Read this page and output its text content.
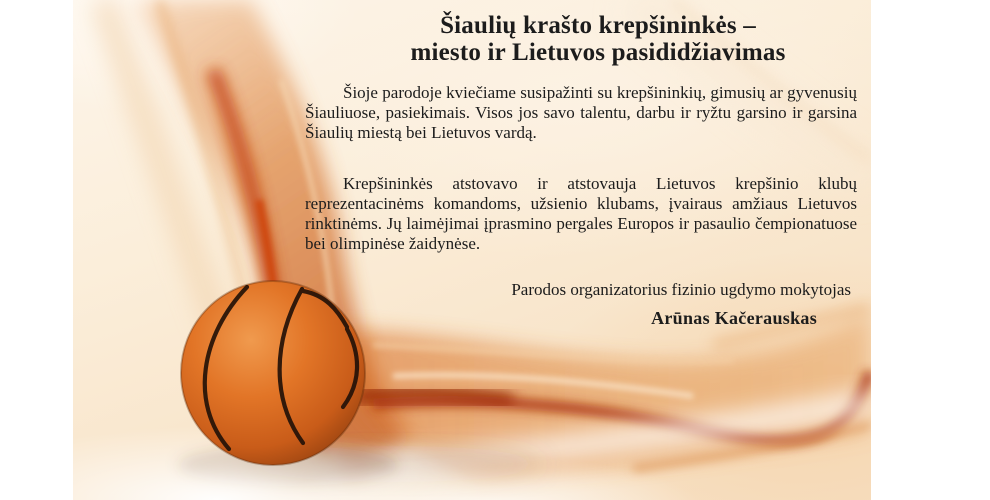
Šiaulių krašto krepšininkės –
miesto ir Lietuvos pasididžiavimas

Šioje parodoje kviečiame susipažinti su krepšininkių, gimusių ar gyvenusių Šiauliuose, pasiekimais. Visos jos savo talentu, darbu ir ryžtu garsino ir garsina Šiaulių miestą bei Lietuvos vardą.

Krepšininkės atstovavo ir atstovauja Lietuvos krepšinio klubų reprezentacinėms komandoms, užsienio klubams, įvairaus amžiaus Lietuvos rinktinėms. Jų laimėjimai įprasmino pergales Europos ir pasaulio čempionatuose bei olimpinėse žaidynėse.

Parodos organizatorius fizinio ugdymo mokytojas

Arūnas Kačerauskas
